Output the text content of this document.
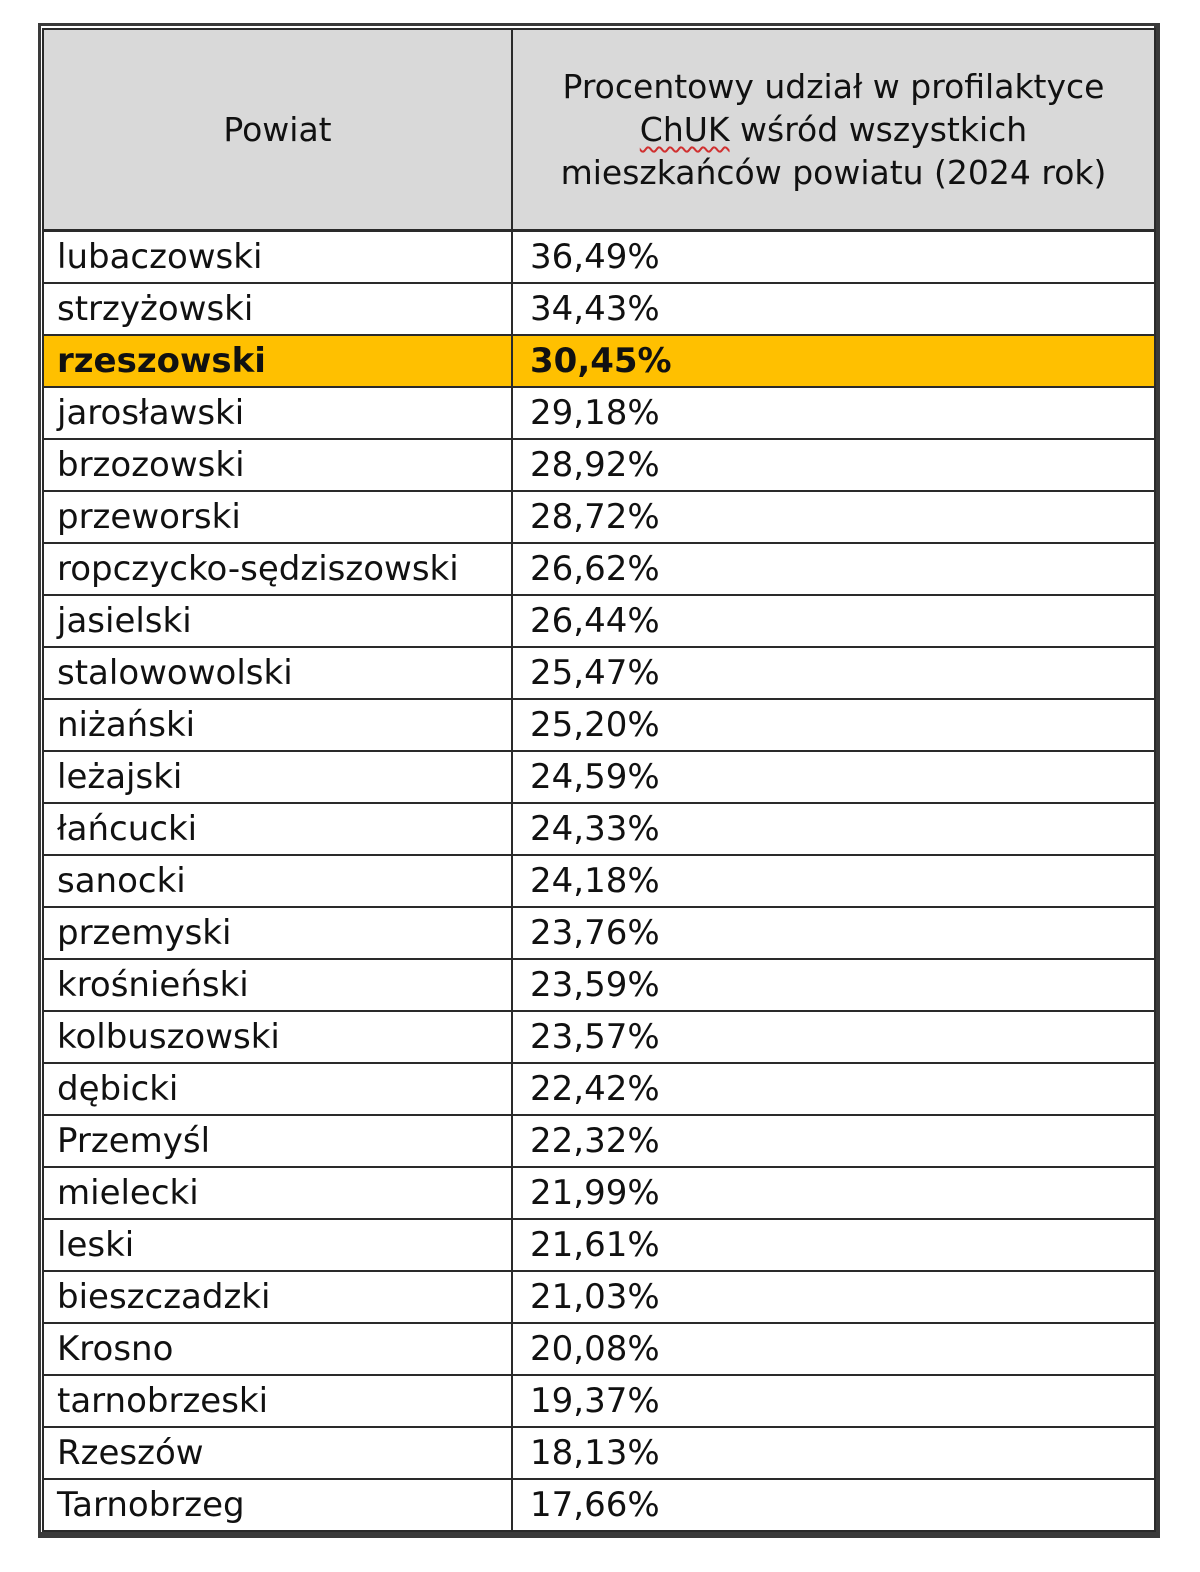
Powiat	Procentowy udział w profilaktyce
ChUK wśród wszystkich
mieszkańców powiatu (2024 rok)
lubaczowski	36,49%
strzyżowski	34,43%
rzeszowski	30,45%
jarosławski	29,18%
brzozowski	28,92%
przeworski	28,72%
ropczycko-sędziszowski	26,62%
jasielski	26,44%
stalowowolski	25,47%
niżański	25,20%
leżajski	24,59%
łańcucki	24,33%
sanocki	24,18%
przemyski	23,76%
krośnieński	23,59%
kolbuszowski	23,57%
dębicki	22,42%
Przemyśl	22,32%
mielecki	21,99%
leski	21,61%
bieszczadzki	21,03%
Krosno	20,08%
tarnobrzeski	19,37%
Rzeszów	18,13%
Tarnobrzeg	17,66%
